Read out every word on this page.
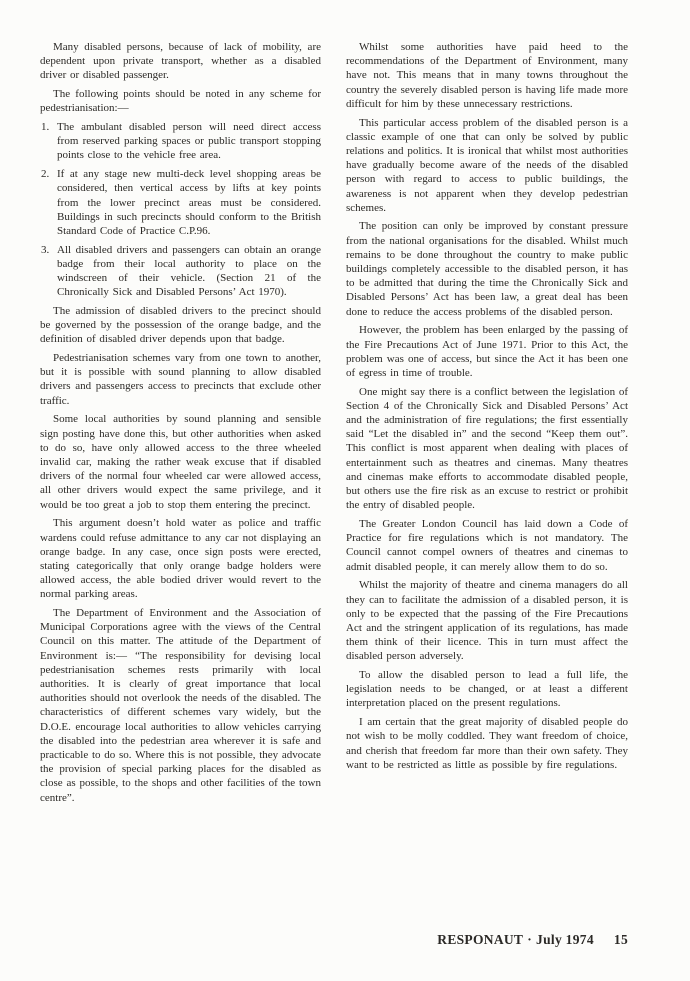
Many disabled persons, because of lack of mobility, are dependent upon private transport, whether as a disabled driver or disabled passenger.

The following points should be noted in any scheme for pedestrianisation:—

1. The ambulant disabled person will need direct access from reserved parking spaces or public transport stopping points close to the vehicle free area.
2. If at any stage new multi-deck level shopping areas be considered, then vertical access by lifts at key points from the lower precinct areas must be considered. Buildings in such precincts should conform to the British Standard Code of Practice C.P.96.
3. All disabled drivers and passengers can obtain an orange badge from their local authority to place on the windscreen of their vehicle. (Section 21 of the Chronically Sick and Disabled Persons’ Act 1970).

The admission of disabled drivers to the precinct should be governed by the possession of the orange badge, and the definition of disabled driver depends upon that badge.

Pedestrianisation schemes vary from one town to another, but it is possible with sound planning to allow disabled drivers and passengers access to precincts that exclude other traffic.

Some local authorities by sound planning and sensible sign posting have done this, but other authorities when asked to do so, have only allowed access to the three wheeled invalid car, making the rather weak excuse that if disabled drivers of the normal four wheeled car were allowed access, all other drivers would expect the same privilege, and it would be too great a job to stop them entering the precinct.

This argument doesn’t hold water as police and traffic wardens could refuse admittance to any car not displaying an orange badge. In any case, once sign posts were erected, stating categorically that only orange badge holders were allowed access, the able bodied driver would revert to the normal parking areas.

The Department of Environment and the Association of Municipal Corporations agree with the views of the Central Council on this matter. The attitude of the Department of Environment is:— “The responsibility for devising local pedestrianisation schemes rests primarily with local authorities. It is clearly of great importance that local authorities should not overlook the needs of the disabled. The characteristics of different schemes vary widely, but the D.O.E. encourage local authorities to allow vehicles carrying the disabled into the pedestrian area wherever it is safe and practicable to do so. Where this is not possible, they advocate the provision of special parking places for the disabled as close as possible, to the shops and other facilities of the town centre”.

Whilst some authorities have paid heed to the recommendations of the Department of Environment, many have not. This means that in many towns throughout the country the severely disabled person is having life made more difficult for him by these unnecessary restrictions.

This particular access problem of the disabled person is a classic example of one that can only be solved by public relations and politics. It is ironical that whilst most authorities have gradually become aware of the needs of the disabled person with regard to access to public buildings, the awareness is not apparent when they develop pedestrian schemes.

The position can only be improved by constant pressure from the national organisations for the disabled. Whilst much remains to be done throughout the country to make public buildings completely accessible to the disabled person, it has to be admitted that during the time the Chronically Sick and Disabled Persons’ Act has been law, a great deal has been done to reduce the access problems of the disabled person.

However, the problem has been enlarged by the passing of the Fire Precautions Act of June 1971. Prior to this Act, the problem was one of access, but since the Act it has been one of egress in time of trouble.

One might say there is a conflict between the legislation of Section 4 of the Chronically Sick and Disabled Persons’ Act and the administration of fire regulations; the first essentially said “Let the disabled in” and the second “Keep them out”. This conflict is most apparent when dealing with places of entertainment such as theatres and cinemas. Many theatres and cinemas make efforts to accommodate disabled people, but others use the fire risk as an excuse to restrict or prohibit the entry of disabled people.

The Greater London Council has laid down a Code of Practice for fire regulations which is not mandatory. The Council cannot compel owners of theatres and cinemas to admit disabled people, it can merely allow them to do so.

Whilst the majority of theatre and cinema managers do all they can to facilitate the admission of a disabled person, it is only to be expected that the passing of the Fire Precautions Act and the stringent application of its regulations, has made them think of their licence. This in turn must affect the disabled person adversely.

To allow the disabled person to lead a full life, the legislation needs to be changed, or at least a different interpretation placed on the present regulations.

I am certain that the great majority of disabled people do not wish to be molly coddled. They want freedom of choice, and cherish that freedom far more than their own safety. They want to be restricted as little as possible by fire regulations.

RESPONAUT · July 1974 15
